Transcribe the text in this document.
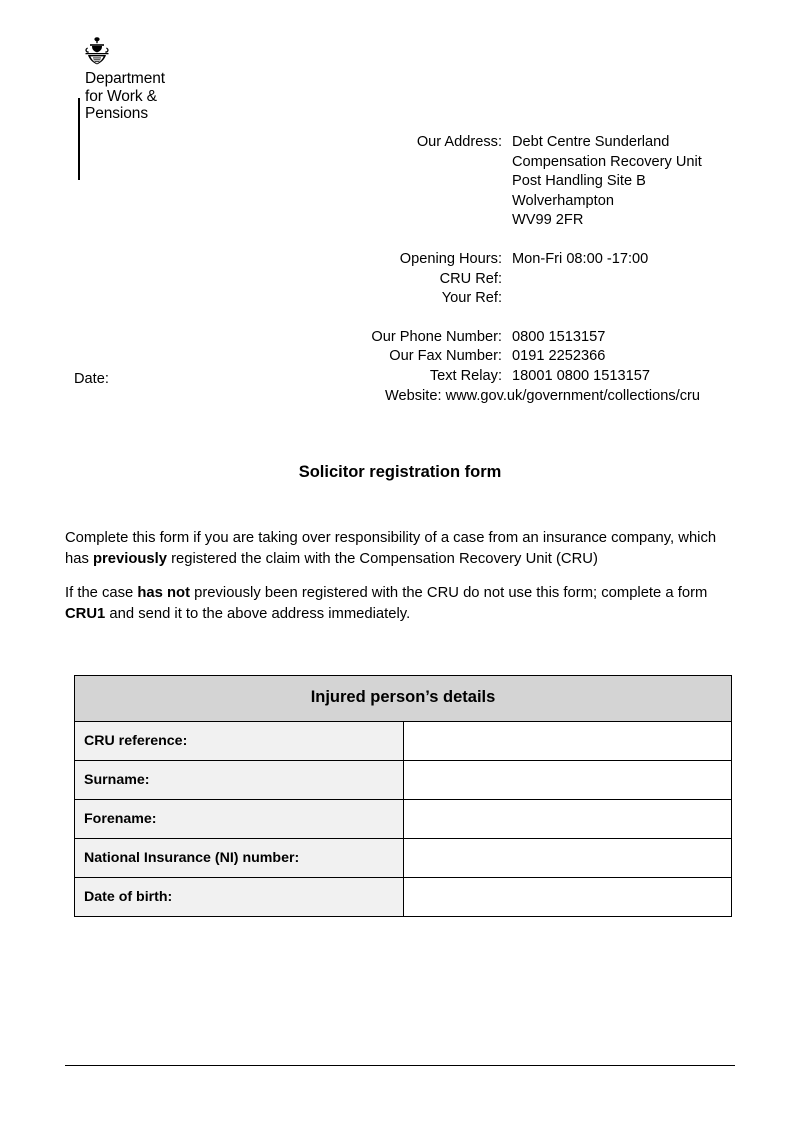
Department
for Work &
Pensions
Our Address: Debt Centre Sunderland
Compensation Recovery Unit
Post Handling Site B
Wolverhampton
WV99 2FR
Opening Hours: Mon-Fri 08:00 -17:00
CRU Ref:
Your Ref:
Our Phone Number: 0800 1513157
Our Fax Number: 0191 2252366
Text Relay: 18001 0800 1513157
Website: www.gov.uk/government/collections/cru
Date:
Solicitor registration form
Complete this form if you are taking over responsibility of a case from an insurance company, which has previously registered the claim with the Compensation Recovery Unit (CRU)
If the case has not previously been registered with the CRU do not use this form; complete a form CRU1 and send it to the above address immediately.
Injured person’s details	
CRU reference:	
Surname:	
Forename:	
National Insurance (NI) number:	
Date of birth:	
